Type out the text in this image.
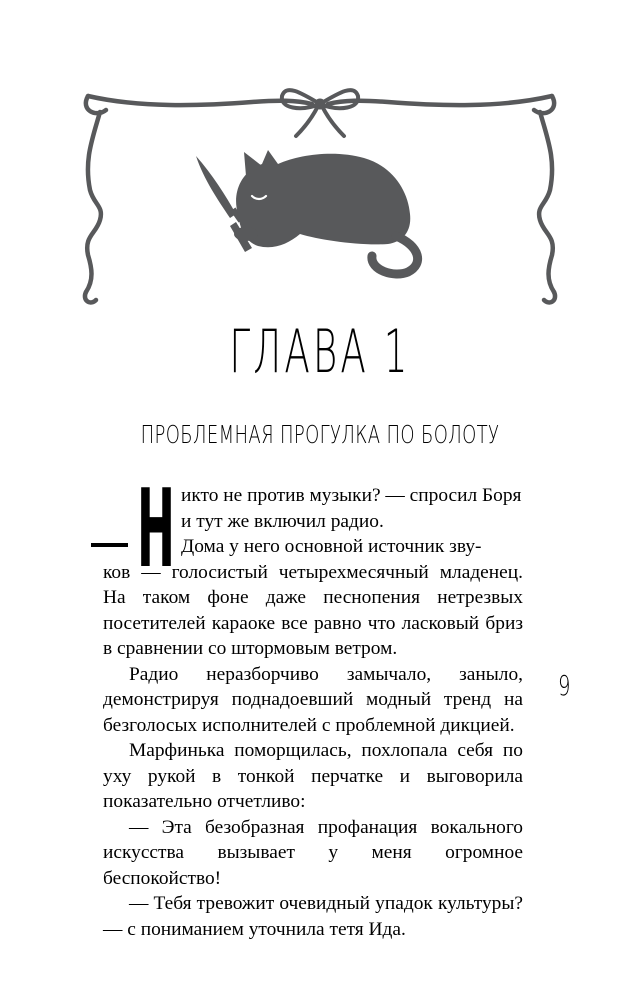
ГЛАВА 1
ПРОБЛЕМНАЯ ПРОГУЛКА ПО БОЛОТУ
Н икто не против музыки? — спросил Боря

и тут же включил радио.

Дома у него основной источник зву-

ков — голосистый четырехмесячный младенец. На таком фоне даже песнопения нетрезвых посетителей караоке все равно что ласковый бриз в сравнении со штормовым ветром.

Радио неразборчиво замычало, заныло, демонстрируя поднадоевший модный тренд на безголосых исполнителей с проблемной дикцией.

Марфинька поморщилась, похлопала себя по уху рукой в тонкой перчатке и выговорила показательно отчетливо:

— Эта безобразная профанация вокального искусства вызывает у меня огромное беспокойство!

— Тебя тревожит очевидный упадок культуры? — с пониманием уточнила тетя Ида.

9
